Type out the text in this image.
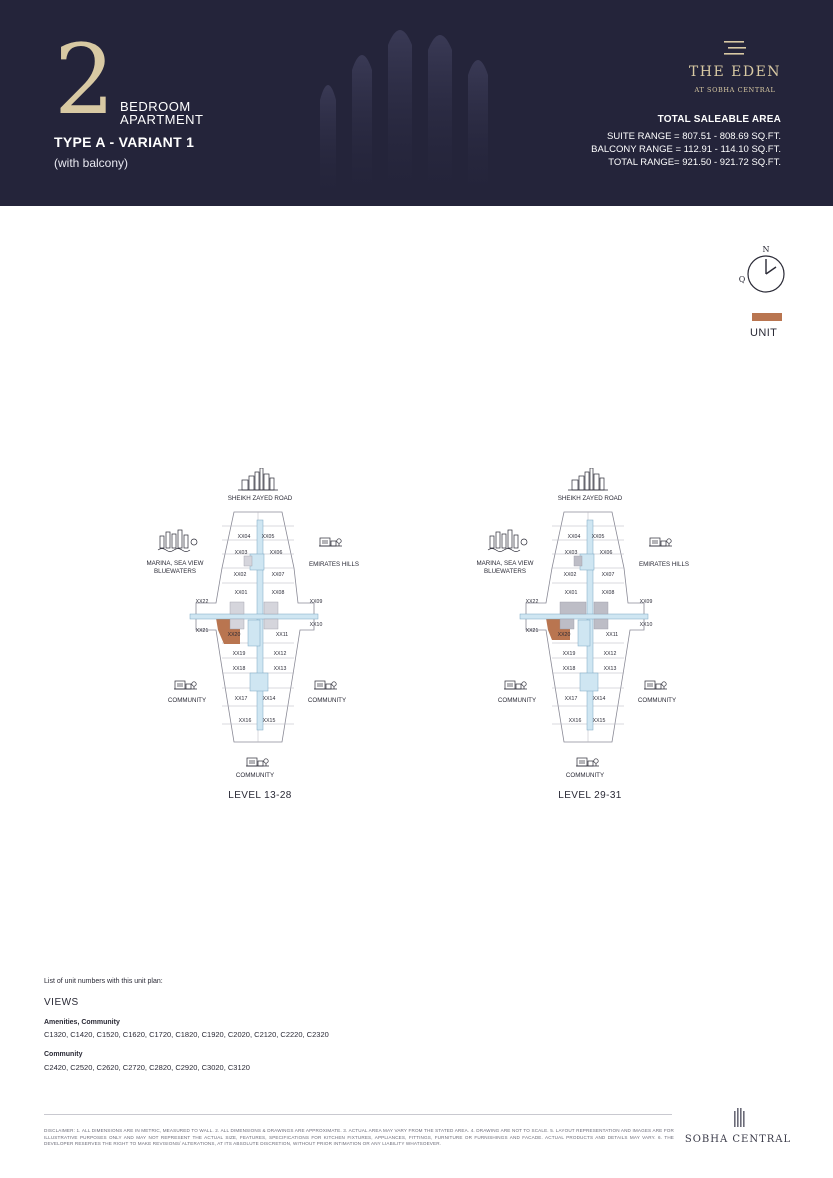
2 BEDROOM
APARTMENT
TYPE A - VARIANT 1
(with balcony)
THE EDEN
AT SOBHA CENTRAL
TOTAL SALEABLE AREA
SUITE RANGE = 807.51 - 808.69 SQ.FT.
BALCONY RANGE = 112.91 - 114.10 SQ.FT.
TOTAL RANGE= 921.50 - 921.72 SQ.FT.
N
Q
UNIT
SHEIKH ZAYED ROAD
MARINA, SEA VIEW
BLUEWATERS
EMIRATES HILLS
COMMUNITY	COMMUNITY
COMMUNITY
XX01
XX02
XX03
XX04 XX05
XX06
XX07
XX08
XX09
XX10
XX11
XX12
XX13
XX14
XX15
XX16
XX17
XX18
XX19
XX20
XX21
XX22
LEVEL 13-28
SHEIKH ZAYED ROAD
MARINA, SEA VIEW
BLUEWATERS
EMIRATES HILLS
COMMUNITY	COMMUNITY
COMMUNITY
XX01
XX02
XX03
XX04 XX05
XX06
XX07
XX08
XX09
XX10
XX11
XX12
XX13
XX14
XX15
XX16
XX17
XX18
XX19
XX20
XX21
XX22
LEVEL 29-31
List of unit numbers with this unit plan:
VIEWS
Amenities, Community
C1320, C1420, C1520, C1620, C1720, C1820, C1920, C2020, C2120, C2220, C2320
Community
C2420, C2520, C2620, C2720, C2820, C2920, C3020, C3120
DISCLAIMER: 1. ALL DIMENSIONS ARE IN METRIC, MEASURED TO WALL. 2. ALL DIMENSIONS & DRAWINGS ARE APPROXIMATE. 3. ACTUAL AREA MAY VARY FROM THE STATED AREA. 4. DRAWING ARE NOT TO SCALE. 5. LAYOUT REPRESENTATION AND IMAGES ARE FOR ILLUSTRATIVE PURPOSES ONLY AND MAY NOT REPRESENT THE ACTUAL SIZE, FEATURES, SPECIFICATIONS FOR KITCHEN FIXTURES, APPLIANCES, FITTINGS, FURNITURE OR FURNISHINGS AND FACADE. ACTUAL PRODUCTS AND DETAILS MAY VARY. 6. THE DEVELOPER RESERVES THE RIGHT TO MAKE REVISIONS/ ALTERATIONS, AT ITS ABSOLUTE DISCRETION, WITHOUT PRIOR INTIMATION OR ANY LIABILITY WHATSOEVER.	SOBHA CENTRAL
